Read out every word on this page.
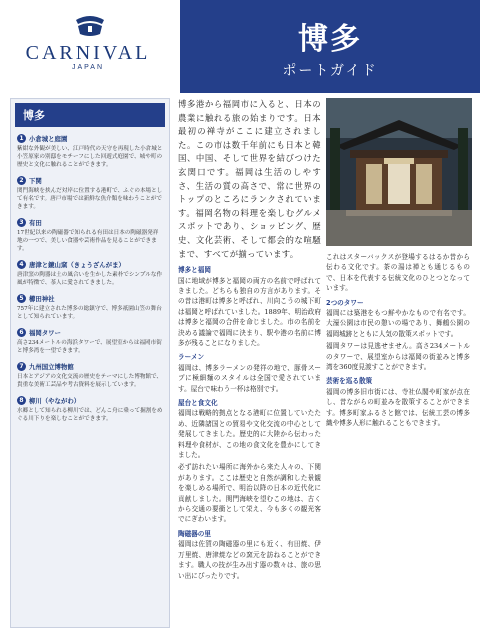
CARNIVAL
JAPAN
博多
ポートガイド
博多
1 小倉城と庭園
紫紺な外観が美しい、江戸時代の天守を再現した小倉城と小笠原家の別邸をモチーフにした回遊式庭園で、城や町の歴史と文化に触れることができます。
2 下関
関門海峡を挟んだ対岸に位置する港町で、ふぐの本場として有名です。唐戸市場では新鮮な魚介類を味わうことができます。
3 有田
17世紀以来の陶磁器で知られる有田は日本の陶磁器発祥地の一つで、美しい食器や芸術作品を見ることができます。
4 唐津と鏡山窯（きょうざんがま）
唐津窯の陶器は土の風合いを生かした素朴でシンプルな作風が特徴で、茶人に愛されてきました。
5 櫛田神社
757年に建立された博多の総鎮守で、博多祇園山笠の舞台として知られています。
6 福岡タワー
高さ234メートルの海浜タワーで、展望室からは福岡市街と博多湾を一望できます。
7 九州国立博物館
日本とアジアの文化交流の歴史をテーマにした博物館で、貴重な美術工芸品や考古資料を展示しています。
8 柳川（やながわ）
水郷として知られる柳川では、どんこ舟に乗って掘割をめぐる川下りを楽しむことができます。

博多港から福岡市に入ると、日本の農業に触れる旅の始まりです。日本最初の禅寺がここに建立されました。この市は数千年前にも日本と韓国、中国、そして世界を結びつけた玄関口です。福岡は生活のしやすさ、生活の質の高さで、常に世界のトップのところにランクされています。福岡名物の料理を楽しむグルメスポットであり、ショッピング、歴史、文化芸術、そして都会的な喧騒まで、すべてが揃っています。

博多と福岡

国に地域が博多と福岡の両方の名前で呼ばれてきました。どちらも独自の方言があります。その昔は港町は博多と呼ばれ、川向こうの城下町は福岡と呼ばれていました。1889年、明治政府は博多と福岡の合併を命じました。市の名前を決める議論で福岡に決まり、駅や港の名前に博多が残ることになりました。

ラーメン

福岡は、博多ラーメンの発祥の地で、豚骨スープに極細麺のスタイルは全国で愛されています。屋台で味わう一杯は格別です。

屋台と食文化

福岡は戦略的拠点となる港町に位置していたため、近隣諸国との貿易や文化交流の中心として発展してきました。歴史的に大陸から伝わった料理や食材が、この地の食文化を豊かにしてきました。

必ず訪れたい場所に海外から来た人々の、下関があります。ここは歴史と自然が調和した景観を楽しめる場所で、明治以降の日本の近代化に貢献しました。関門海峡を望むこの地は、古くから交通の要衝として栄え、今も多くの観光客でにぎわいます。

陶磁器の里

福岡は佐賀の陶磁器の里にも近く、有田焼、伊万里焼、唐津焼などの窯元を訪ねることができます。職人の技が生み出す器の数々は、旅の思い出にぴったりです。

これはスターバックスが登場するはるか昔から伝わる文化です。茶の湯は禅とも通じるもので、日本を代表する伝統文化のひとつとなっています。

2つのタワー

福岡には築港をもつ鮮やかなもので有名です。大濠公園は市民の憩いの場であり、舞鶴公園の福岡城跡とともに人気の散策スポットです。

福岡タワーは見逃せません。高さ234メートルのタワーで、展望室からは福岡の街並みと博多湾を360度見渡すことができます。

芸術を巡る散策

福岡の博多旧市街には、寺社仏閣や町家が点在し、昔ながらの町並みを散策することができます。博多町家ふるさと館では、伝統工芸の博多織や博多人形に触れることもできます。
